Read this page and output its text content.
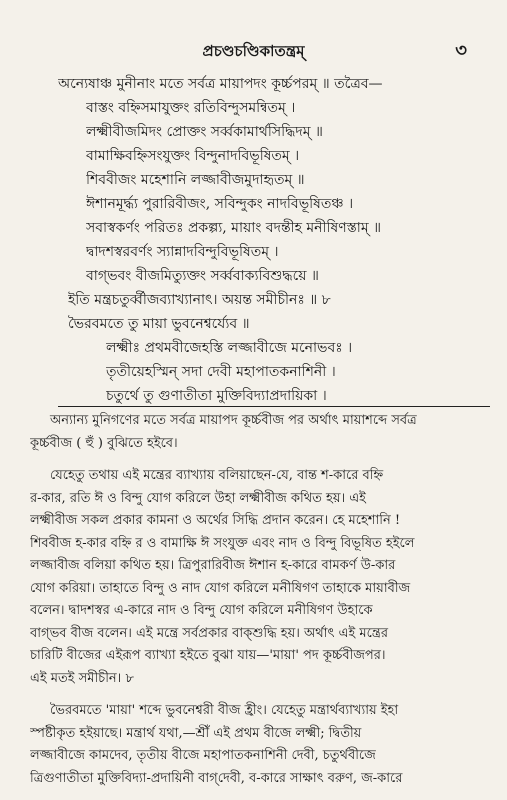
প্রচণ্ডচণ্ডিকাতন্ত্রম্	৩
অন্যেষাঞ্চ মুনীনাং মতে সর্বত্র মায়াপদং কূর্চ্চপরম্ ॥ তত্রৈব—
বাস্তং বহ্নিসমাযুক্তং রতিবিন্দুসমন্বিতম্ ।
লক্ষ্মীবীজমিদং প্রোক্তং সর্ব্বকামার্থসিদ্ধিদম্ ॥
বামাক্ষিবহ্নিসংযুক্তং বিন্দুনাদবিভূষিতম্ ।
শিববীজং মহেশানি লজ্জাবীজমুদাহৃতম্ ॥
ঈশানমূর্দ্ধ্য পুরারিবীজং, সবিন্দুকং নাদবিভূষিতঞ্চ ।
সবাস্বকর্ণং পরিতঃ প্রকল্প্য, মায়াং বদন্তীহ মনীষিণস্তাম্ ॥
দ্বাদশস্বরবর্ণং স্যান্নাদবিন্দুবিভূষিতম্ ।
বাগ্‌ভবং বীজমিত্যুক্তং সর্ব্ববাক্যবিশুদ্ধয়ে ॥
ইতি মন্ত্রচতুর্ব্বীজব্যাখ্যানাৎ। অয়ন্ত সমীচীনঃ ॥ ৮
ভৈরবমতে তু মায়া ভুবনেশ্বর্য্যেব ॥
লক্ষ্মীঃ প্রথমবীজেহস্তি লজ্জাবীজে মনোভবঃ ।
তৃতীয়েহস্মিন্ সদা দেবী মহাপাতকনাশিনী ।
চতুর্থে তু গুণাতীতা মুক্তিবিদ্যাপ্রদায়িকা ।
অন্যান্য মুনিগণের মতে সর্বত্র মায়াপদ কূর্চ্চবীজ পর অর্থাৎ মায়াশব্দে সর্বত্র
কূর্চ্চবীজ ( হুঁ ) বুঝিতে হইবে।
যেহেতু তথায় এই মন্ত্রের ব্যাখ্যায় বলিয়াছেন-যে, বান্ত শ-কারে বহ্নি
র-কার, রতি ঈ ও বিন্দু যোগ করিলে উহা লক্ষ্মীবীজ কথিত হয়। এই
লক্ষ্মীবীজ সকল প্রকার কামনা ও অর্থের সিদ্ধি প্রদান করেন। হে মহেশানি !
শিববীজ হ-কার বহ্নি র ও বামাক্ষি ঈ সংযুক্ত এবং নাদ ও বিন্দু বিভূষিত হইলে
লজ্জাবীজ বলিয়া কথিত হয়। ত্রিপুরারিবীজ ঈশান হ-কারে বামকর্ণ উ-কার
যোগ করিয়া। তাহাতে বিন্দু ও নাদ যোগ করিলে মনীষিগণ তাহাকে মায়াবীজ
বলেন। দ্বাদশস্বর এ-কারে নাদ ও বিন্দু যোগ করিলে মনীষিগণ উহাকে
বাগ্‌ভব বীজ বলেন। এই মন্ত্রে সর্বপ্রকার বাক্‌শুদ্ধি হয়। অর্থাৎ এই মন্ত্রের
চারিটি বীজের এইরূপ ব্যাখ্যা হইতে বুঝা যায়—'মায়া' পদ কূর্চ্চবীজপর।
এই মতই সমীচীন। ৮
ভৈরবমতে 'মায়া' শব্দে ভুবনেশ্বরী বীজ হ্রীং। যেহেতু মন্ত্রার্থব্যাখ্যায় ইহা
স্পষ্টীকৃত হইয়াছে। মন্ত্রার্থ যথা,—শ্রীঁ এই প্রথম বীজে লক্ষ্মী; দ্বিতীয়
লজ্জাবীজে কামদেব, তৃতীয় বীজে মহাপাতকনাশিনী দেবী, চতুর্থবীজে
ত্রিগুণাতীতা মুক্তিবিদ্যা-প্রদায়িনী বাগ্‌দেবী, ব-কারে সাক্ষাৎ বরুণ, জ-কারে
